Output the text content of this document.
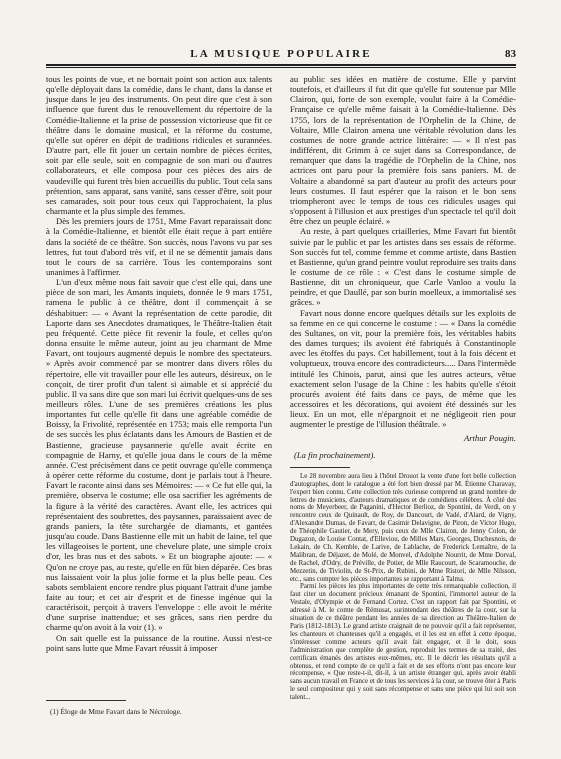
LA MUSIQUE POPULAIRE	83

tous les points de vue, et ne bornait point son action aux talents qu'elle déployait dans la comédie, dans le chant, dans la danse et jusque dans le jeu des instruments. On peut dire que c'est à son influence que furent dus le renouvellement du répertoire de la Comédie-Italienne et la prise de possession victorieuse que fit ce théâtre dans le domaine musical, et la réforme du costume, qu'elle sut opérer en dépit de traditions ridicules et surannées. D'autre part, elle fit jouer un certain nombre de pièces écrites, soit par elle seule, soit en compagnie de son mari ou d'autres collaborateurs, et elle composa pour ces pièces des airs de vaudeville qui furent très bien accueillis du public. Tout cela sans prétention, sans apparat, sans vanité, sans cesser d'être, soit pour ses camarades, soit pour tous ceux qui l'approchaient, la plus charmante et la plus simple des femmes.

Dès les premiers jours de 1751, Mme Favart reparaissait donc à la Comédie-Italienne, et bientôt elle était reçue à part entière dans la société de ce théâtre. Son succès, nous l'avons vu par ses lettres, fut tout d'abord très vif, et il ne se démentit jamais dans tout le cours de sa carrière. Tous les contemporains sont unanimes à l'affirmer.

L'un d'eux même nous fait savoir que c'est elle qui, dans une pièce de son mari, les Amants inquiets, donnée le 9 mars 1751, ramena le public à ce théâtre, dont il commençait à se déshabituer: — « Avant la représentation de cette parodie, dit Laporte dans ses Anecdotes dramatiques, le Théâtre-Italien était peu fréquenté. Cette pièce fit revenir la foule, et celles qu'on donna ensuite le même auteur, joint au jeu charmant de Mme Favart, ont toujours augmenté depuis le nombre des spectateurs. » Après avoir commencé par se montrer dans divers rôles du répertoire, elle vit travailler pour elle les auteurs, désireux, on le conçoit, de tirer profit d'un talent si aimable et si apprécié du public. Il va sans dire que son mari lui écrivit quelques-uns de ses meilleurs rôles. L'une de ses premières créations les plus importantes fut celle qu'elle fit dans une agréable comédie de Boissy, la Frivolité, représentée en 1753; mais elle remporta l'un de ses succès les plus éclatants dans les Amours de Bastien et de Bastienne, gracieuse paysannerie qu'elle avait écrite en compagnie de Harny, et qu'elle joua dans le cours de la même année. C'est précisément dans ce petit ouvrage qu'elle commença à opérer cette réforme du costume, dont je parlais tout à l'heure. Favart le raconte ainsi dans ses Mémoires: — « Ce fut elle qui, la première, observa le costume; elle osa sacrifier les agréments de la figure à la vérité des caractères. Avant elle, les actrices qui représentaient des soubrettes, des paysannes, paraissaient avec de grands paniers, la tête surchargée de diamants, et gantées jusqu'au coude. Dans Bastienne elle mit un habit de laine, tel que les villageoises le portent, une chevelure plate, une simple croix d'or, les bras nus et des sabots. » Et un biographe ajoute: — « Qu'on ne croye pas, au reste, qu'elle en fût bien déparée. Ces bras nus laissaient voir la plus jolie forme et la plus belle peau. Ces sabots semblaient encore rendre plus piquant l'attrait d'une jambe faite au tour; et cet air d'esprit et de finesse ingénue qui la caractérisoit, perçoit à travers l'enveloppe : elle avoit le mérite d'une surprise inattendue; et ses grâces, sans rien perdre du charme qu'on avoit à la voir (1). »

On sait quelle est la puissance de la routine. Aussi n'est-ce point sans lutte que Mme Favart réussit à imposer

au public ses idées en matière de costume. Elle y parvint toutefois, et d'ailleurs il fut dit que qu'elle fut soutenue par Mlle Clairon, qui, forte de son exemple, voulut faire à la Comédie-Française ce qu'elle même faisait à la Comédie-Italienne. Dès 1755, lors de la représentation de l'Orphelin de la Chine, de Voltaire, Mlle Clairon amena une véritable révolution dans les costumes de notre grande actrice littéraire: — « Il n'est pas indifférent, dit Grimm à ce sujet dans sa Correspondance, de remarquer que dans la tragédie de l'Orphelin de la Chine, nos actrices ont paru pour la première fois sans paniers. M. de Voltaire a abandonné sa part d'auteur au profit des acteurs pour leurs costumes. Il faut espérer que la raison et le bon sens triompheront avec le temps de tous ces ridicules usages qui s'opposent à l'illusion et aux prestiges d'un spectacle tel qu'il doit être chez un peuple éclairé. »

Au reste, à part quelques criailleries, Mme Favart fut bientôt suivie par le public et par les artistes dans ses essais de réforme. Son succès fut tel, comme femme et comme artiste, dans Bastien et Bastienne, qu'un grand peintre voulut reproduire ses traits dans le costume de ce rôle : « C'est dans le costume simple de Bastienne, dit un chroniqueur, que Carle Vanloo a voulu la peindre, et que Daullé, par son burin moelleux, a immortalisé ses grâces. »

Favart nous donne encore quelques détails sur les exploits de sa femme en ce qui concerne le costume : — « Dans la comédie des Sultanes, on vit, pour la première fois, les véritables habits des dames turques; ils avoient été fabriqués à Constantinople avec les étoffes du pays. Cet habillement, tout à la fois décent et voluptueux, trouva encore des contradicteurs..... Dans l'intermède intitulé les Chinois, parut, ainsi que les autres acteurs, vêtue exactement selon l'usage de la Chine : les habits qu'elle s'étoit procurés avoient été faits dans ce pays, de même que les accessoires et les décorations, qui avoient été dessinés sur les lieux. En un mot, elle n'épargnoit et ne négligeoit rien pour augmenter le prestige de l'illusion théâtrale. »

Arthur Pougin.
(La fin prochainement).

Le 28 novembre aura lieu à l'hôtel Drouot la vente d'une fort belle collection d'autographes, dont le catalogue a été fort bien dressé par M. Étienne Charavay, l'expert bien connu. Cette collection très curieuse comprend un grand nombre de lettres de musiciens, d'auteurs dramatiques et de comédiens célèbres. À côté des noms de Meyerbeer, de Paganini, d'Hector Berlioz, de Spontini, de Verdi, on y rencontre ceux de Quinault, de Roy, de Dancourt, de Vadé, d'Alard, de Vigny, d'Alexandre Dumas, de Favart, de Casimir Delavigne, de Piron, de Victor Hugo, de Théophile Gautier, de Mery, puis ceux de Mlle Clairon, de Jenny Colon, de Dugazon, de Louise Contat, d'Elleviou, de Milles Mars, Georges, Duchesnois, de Lekain, de Ch. Kemble, de Larive, de Lablache, de Frederick Lemaître, de la Malibran, de Déjazet, de Molé, de Monvel, d'Adolphe Nourrit, de Mme Dorval, de Rachel, d'Odry, de Préville, de Potier, de Mlle Raucourt, de Scaramouche, de Mezzetin, de Tiviolin, de St-Prix, de Rubini, de Mme Ristori, de Mlle Nilsson, etc., sans compter les pièces importantes se rapportant à Talma.

Parmi les pièces les plus importantes de cette très remarquable collection, il faut citer un document précieux émanant de Spontini, l'immortel auteur de la Vestale, d'Olympie et de Fernand Cortez. C'est un rapport fait par Spontini, et adressé à M. le comte de Rémusat, surintendant des théâtres de la cour, sur la situation de ce théâtre pendant les années de sa direction au Théâtre-Italien de Paris (1812-1813). Le grand artiste craignait de ne pouvoir qu'il a fait représenter, les chanteurs et chanteuses qu'il a engagés, et il les est en effet à cette époque, s'intéresser comme acteurs qu'il avait fait engager, et il le doit, sous l'administration que complète de gestion, reproduit les termes de sa traité, des certificats émanés des artistes eux-mêmes, etc. Il le décrit les résultats qu'il a obtenus, et rend compte de ce qu'il a fait et de ses efforts n'ont pas encore leur récompense, « Que reste-t-il, dit-il, à un artiste étranger qui, après avoir établi sans aucun travail en France et de tous les services à la cour, se trouve ôter à Paris le seul compositeur qui y soit sans récompense et sans une pièce qui lui soit son talent...

(1) Éloge de Mme Favart dans le Nécrologe.
